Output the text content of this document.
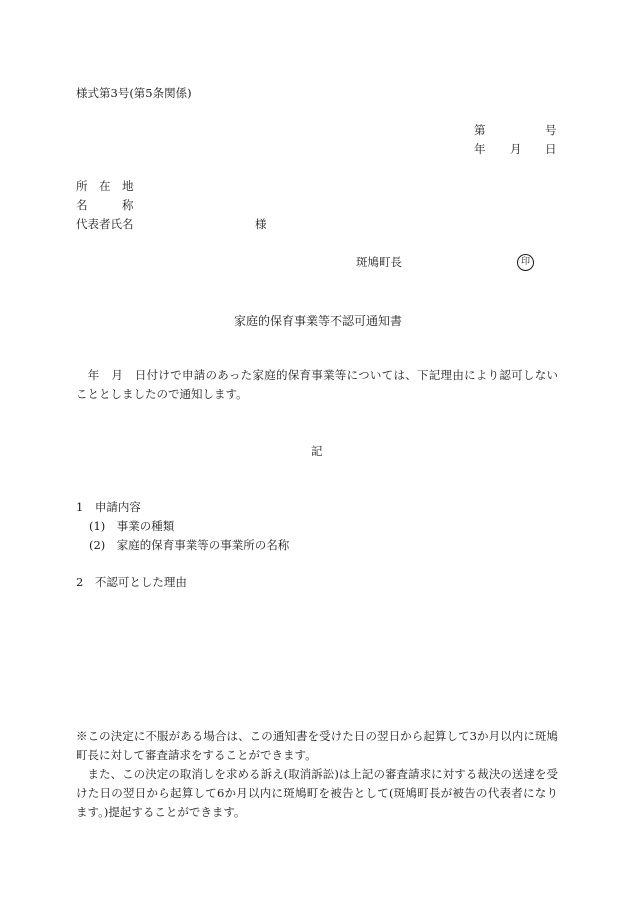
様式第3号(第5条関係)
第	号
年 月 日
所　在　地
名　　　称
代表者氏名	様
斑鳩町長	印
家庭的保育事業等不認可通知書
　年　月　日付けで申請のあった家庭的保育事業等については、下記理由により認可しないこととしましたので通知します。
記
1　申請内容
(1)　事業の種類
(2)　家庭的保育事業等の事業所の名称
2　不認可とした理由
※この決定に不服がある場合は、この通知書を受けた日の翌日から起算して3か月以内に斑鳩町長に対して審査請求をすることができます。
　また、この決定の取消しを求める訴え(取消訴訟)は上記の審査請求に対する裁決の送達を受けた日の翌日から起算して6か月以内に斑鳩町を被告として(斑鳩町長が被告の代表者になります。)提起することができます。
